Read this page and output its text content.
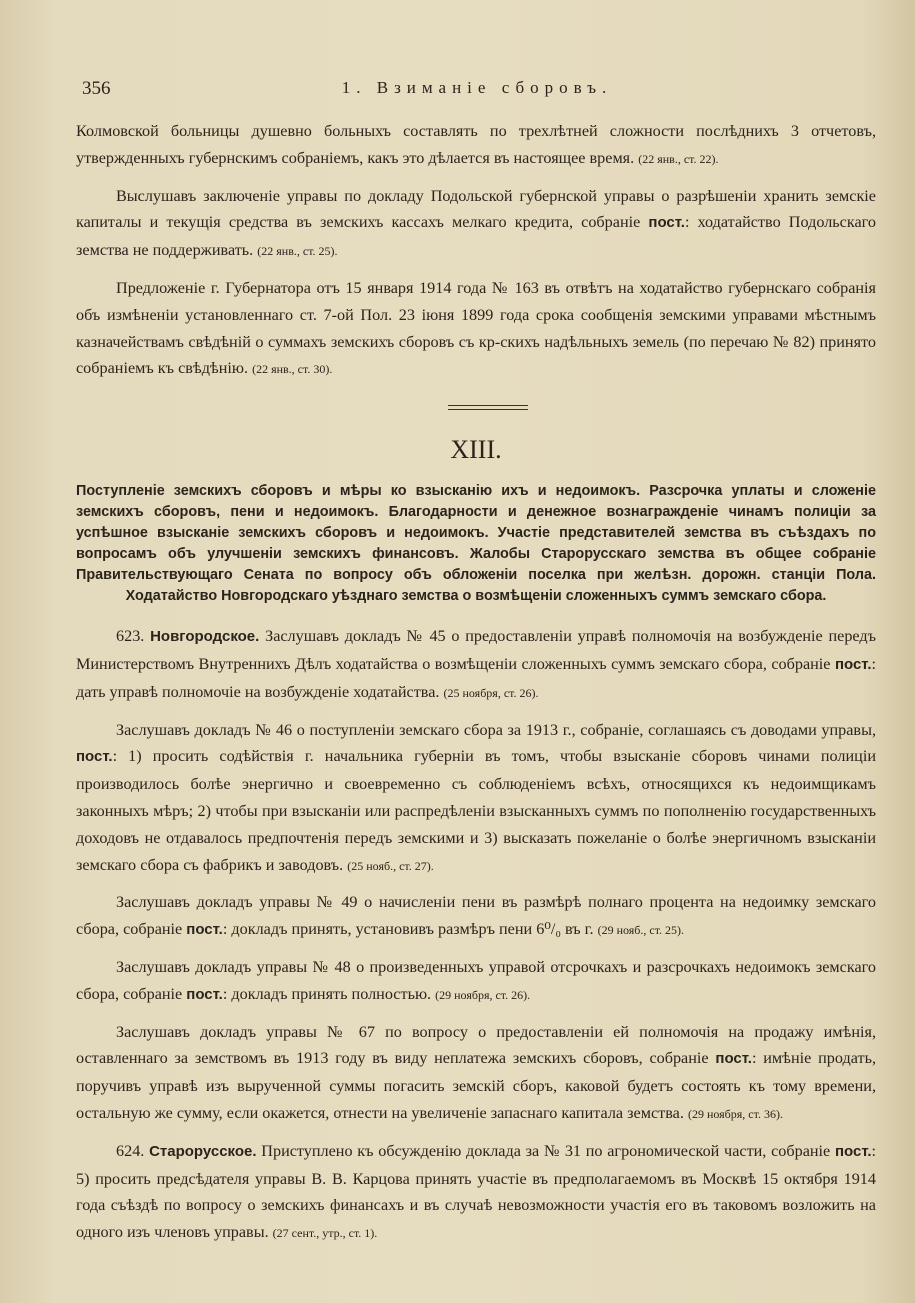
356	1. Взиманіе сборовъ.

Колмовской больницы душевно больныхъ составлять по трехлѣтней сложности послѣднихъ 3 отчетовъ, утвержденныхъ губернскимъ собраніемъ, какъ это дѣлается въ настоящее время. (22 янв., ст. 22).

Выслушавъ заключеніе управы по докладу Подольской губернской управы о разрѣшеніи хранить земскіе капиталы и текущія средства въ земскихъ кассахъ мелкаго кредита, собраніе пост.: ходатайство Подольскаго земства не поддерживать. (22 янв., ст. 25).

Предложеніе г. Губернатора отъ 15 января 1914 года № 163 въ отвѣтъ на ходатайство губернскаго собранія объ измѣненіи установленнаго ст. 7-ой Пол. 23 іюня 1899 года срока сообщенія земскими управами мѣстнымъ казначействамъ свѣдѣній о суммахъ земскихъ сборовъ съ кр-скихъ надѣльныхъ земель (по перечаю № 82) принято собраніемъ къ свѣдѣнію. (22 янв., ст. 30).

XIII.
Поступленіе земскихъ сборовъ и мѣры ко взысканію ихъ и недоимокъ. Разсрочка уплаты и сложеніе земскихъ сборовъ, пени и недоимокъ. Благодарности и денежное вознагражденіе чинамъ полиціи за успѣшное взысканіе земскихъ сборовъ и недоимокъ. Участіе представителей земства въ съѣздахъ по вопросамъ объ улучшеніи земскихъ финансовъ. Жалобы Старорусскаго земства въ общее собраніе Правительствующаго Сената по вопросу объ обложеніи поселка при желѣзн. дорожн. станціи Пола. Ходатайство Новгородскаго уѣзднаго земства о возмѣщеніи сложенныхъ суммъ земскаго сбора.

623. Новгородское. Заслушавъ докладъ № 45 о предоставленіи управѣ полномочія на возбужденіе передъ Министерствомъ Внутреннихъ Дѣлъ ходатайства о возмѣщеніи сложенныхъ суммъ земскаго сбора, собраніе пост.: дать управѣ полномочіе на возбужденіе ходатайства. (25 ноября, ст. 26).

Заслушавъ докладъ № 46 о поступленіи земскаго сбора за 1913 г., собраніе, соглашаясь съ доводами управы, пост.: 1) просить содѣйствія г. начальника губерніи въ томъ, чтобы взысканіе сборовъ чинами полиціи производилось болѣе энергично и своевременно съ соблюденіемъ всѣхъ, относящихся къ недоимщикамъ законныхъ мѣръ; 2) чтобы при взысканіи или распредѣленіи взысканныхъ суммъ по пополненію государственныхъ доходовъ не отдавалось предпочтенія передъ земскими и 3) высказать пожеланіе о болѣе энергичномъ взысканіи земскаго сбора съ фабрикъ и заводовъ. (25 нояб., ст. 27).

Заслушавъ докладъ управы № 49 о начисленіи пени въ размѣрѣ полнаго процента на недоимку земскаго сбора, собраніе пост.: докладъ принять, установивъ размѣръ пени 6⁰/₀ въ г. (29 нояб., ст. 25).

Заслушавъ докладъ управы № 48 о произведенныхъ управой отсрочкахъ и разсрочкахъ недоимокъ земскаго сбора, собраніе пост.: докладъ принять полностью. (29 ноября, ст. 26).

Заслушавъ докладъ управы № 67 по вопросу о предоставленіи ей полномочія на продажу имѣнія, оставленнаго за земствомъ въ 1913 году въ виду неплатежа земскихъ сборовъ, собраніе пост.: имѣніе продать, поручивъ управѣ изъ вырученной суммы погасить земскій сборъ, каковой будетъ состоять къ тому времени, остальную же сумму, если окажется, отнести на увеличеніе запаснаго капитала земства. (29 ноября, ст. 36).

624. Старорусское. Приступлено къ обсужденію доклада за № 31 по агрономической части, собраніе пост.: 5) просить предсѣдателя управы В. В. Карцова принять участіе въ предполагаемомъ въ Москвѣ 15 октября 1914 года съѣздѣ по вопросу о земскихъ финансахъ и въ случаѣ невозможности участія его въ таковомъ возложить на одного изъ членовъ управы. (27 сент., утр., ст. 1).
